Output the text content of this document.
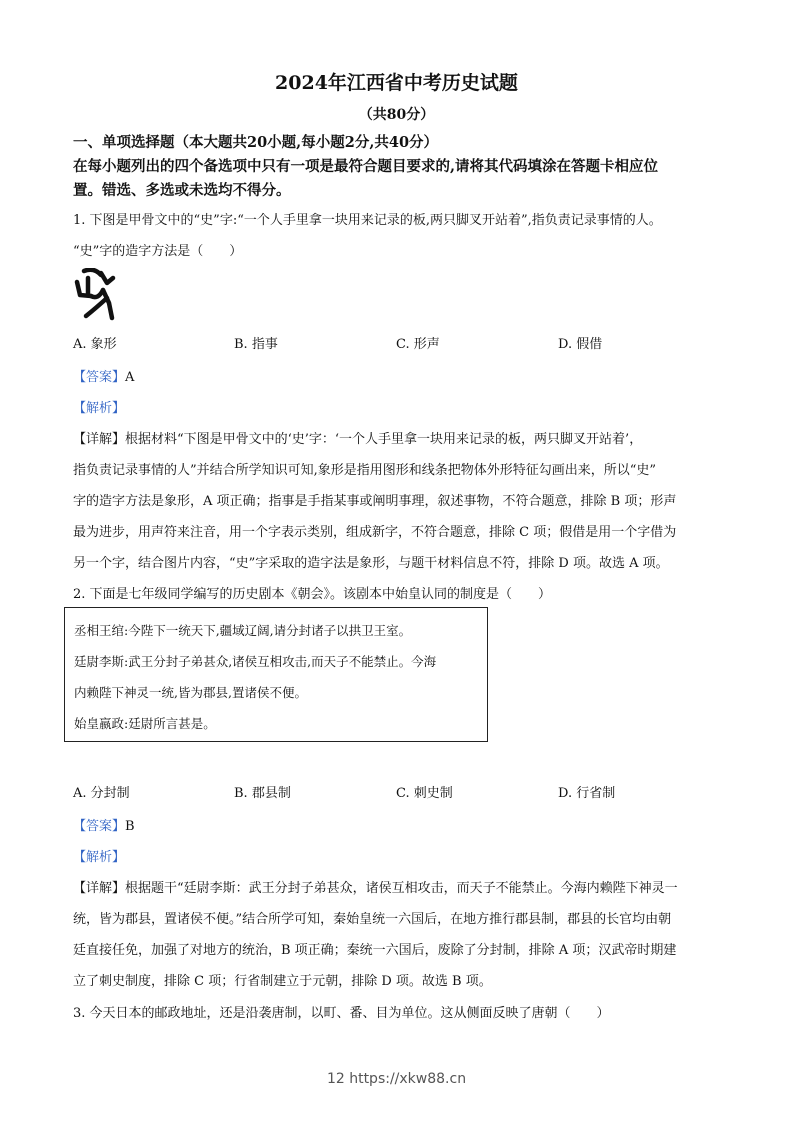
2024年江西省中考历史试题
（共80分）
一、单项选择题（本大题共20小题,每小题2分,共40分）
在每小题列出的四个备选项中只有一项是最符合题目要求的,请将其代码填涂在答题卡相应位
置。错选、多选或未选均不得分。
1. 下图是甲骨文中的“史”字:“一个人手里拿一块用来记录的板,两只脚叉开站着”,指负责记录事情的人。
“史”字的造字方法是（　　）
A. 象形	B. 指事	C. 形声	D. 假借
【答案】A
【解析】
【详解】根据材料“下图是甲骨文中的‘史’字：‘一个人手里拿一块用来记录的板，两只脚叉开站着’，
指负责记录事情的人”并结合所学知识可知,象形是指用图形和线条把物体外形特征勾画出来，所以“史”
字的造字方法是象形，A 项正确；指事是手指某事或阐明事理，叙述事物，不符合题意，排除 B 项；形声
最为进步，用声符来注音，用一个字表示类别，组成新字，不符合题意，排除 C 项；假借是用一个字借为
另一个字，结合图片内容，“史”字采取的造字法是象形，与题干材料信息不符，排除 D 项。故选 A 项。
2. 下面是七年级同学编写的历史剧本《朝会》。该剧本中始皇认同的制度是（　　）
丞相王绾:今陛下一统天下,疆域辽阔,请分封诸子以拱卫王室。
廷尉李斯:武王分封子弟甚众,诸侯互相攻击,而天子不能禁止。今海
内赖陛下神灵一统,皆为郡县,置诸侯不便。
始皇嬴政:廷尉所言甚是。
A. 分封制	B. 郡县制	C. 刺史制	D. 行省制
【答案】B
【解析】
【详解】根据题干“廷尉李斯：武王分封子弟甚众，诸侯互相攻击，而天子不能禁止。今海内赖陛下神灵一
统，皆为郡县，置诸侯不便。”结合所学可知，秦始皇统一六国后，在地方推行郡县制，郡县的长官均由朝
廷直接任免，加强了对地方的统治，B 项正确；秦统一六国后，废除了分封制，排除 A 项；汉武帝时期建
立了刺史制度，排除 C 项；行省制建立于元朝，排除 D 项。故选 B 项。
3. 今天日本的邮政地址，还是沿袭唐制，以町、番、目为单位。这从侧面反映了唐朝（　　）
12 https://xkw88.cn
